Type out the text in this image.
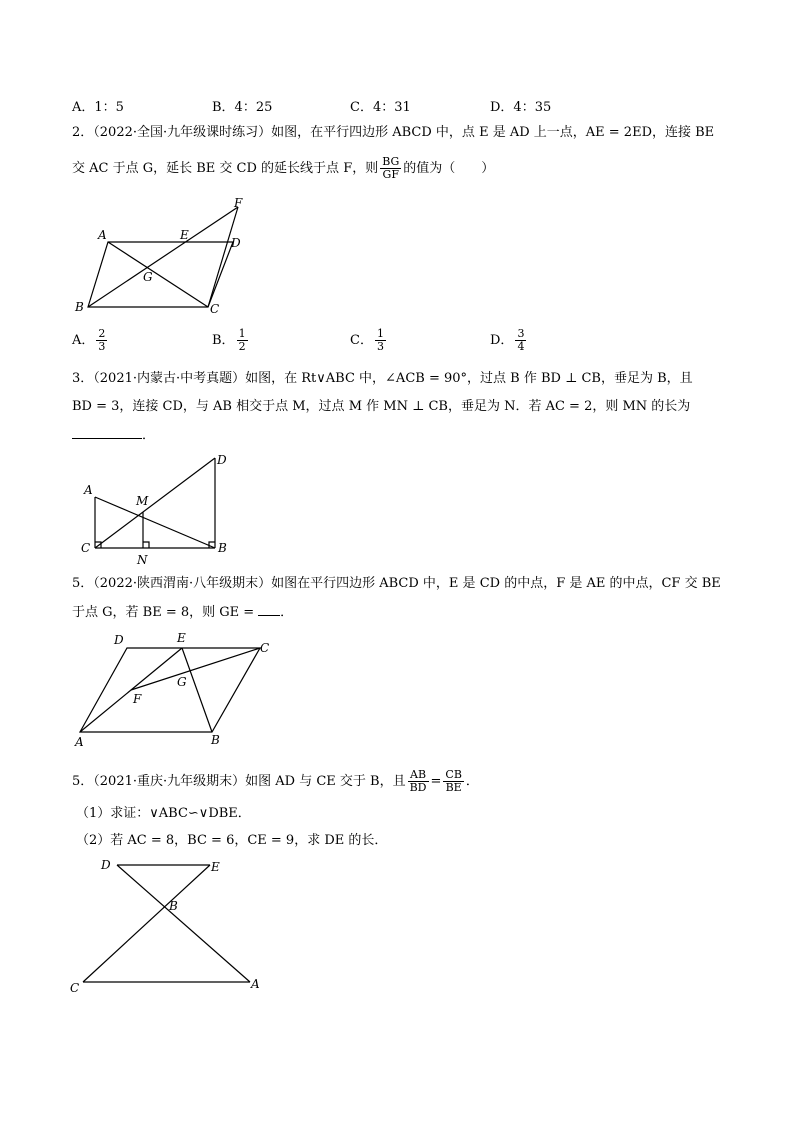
A．1：5	B．4：25	C．4：31	D．4：35
2．（2022·全国·九年级课时练习）如图，在平行四边形 ABCD 中，点 E 是 AD 上一点，AE = 2ED，连接 BE
交 AC 于点 G，延长 BE 交 CD 的延长线于点 F，则 $\frac{BG}{GF}$ 的值为（　　）
A	E
D
F
G
B	C
A． $\frac{2}{3}$	B． $\frac{1}{2}$	C． $\frac{1}{3}$	D． $\frac{3}{4}$
3．（2021·内蒙古·中考真题）如图，在 Rt∨ABC 中，∠ACB = 90°，过点 B 作 BD ⊥ CB，垂足为 B，且
BD = 3，连接 CD，与 AB 相交于点 M，过点 M 作 MN ⊥ CB，垂足为 N．若 AC = 2，则 MN 的长为
．
A
M
D
C	B
N
5．（2022·陕西渭南·八年级期末）如图在平行四边形 ABCD 中，E 是 CD 的中点，F 是 AE 的中点，CF 交 BE
于点 G，若 BE = 8，则 GE = ．
D	E
C
G
F
A	B
5．（2021·重庆·九年级期末）如图 AD 与 CE 交于 B，且 $\frac{AB}{BD} = \frac{CB}{BE}$ ．
（1）求证：∨ABC∽∨DBE．
（2）若 AC = 8，BC = 6，CE = 9，求 DE 的长．
D	E
B
C	A
